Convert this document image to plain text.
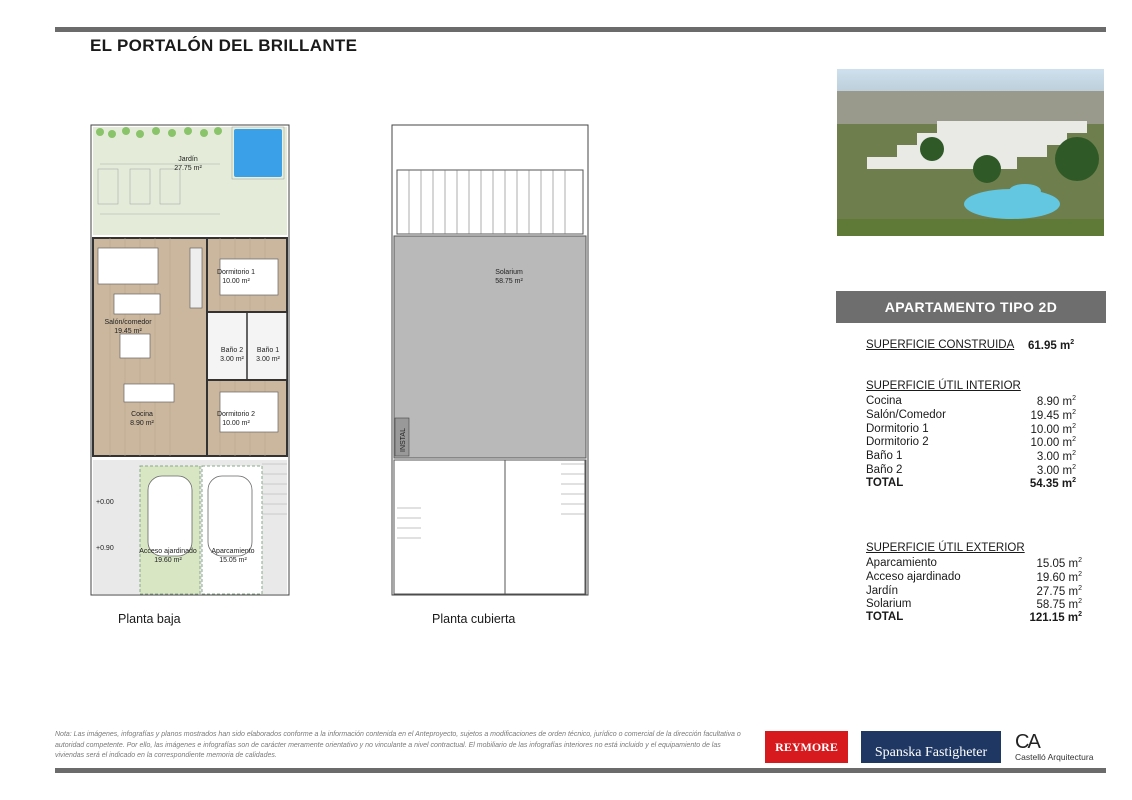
EL PORTALÓN DEL BRILLANTE
Jardín
27.75 m²
Dormitorio 1
10.00 m²
Salón/comedor
19.45 m²
Baño 2
3.00 m²
Baño 1
3.00 m²
Cocina
8.90 m²
Dormitorio 2
10.00 m²
Acceso ajardinado
19.60 m²
Aparcamiento
15.05 m²
+0.00
+0.90
Planta baja
Solarium
58.75 m²
INSTAL
Planta cubierta
APARTAMENTO TIPO 2D
SUPERFICIE CONSTRUIDA 61.95 $m^2$
SUPERFICIE ÚTIL INTERIOR
Cocina	8.90 $m^2$
Salón/Comedor	19.45 $m^2$
Dormitorio 1	10.00 $m^2$
Dormitorio 2	10.00 $m^2$
Baño 1	3.00 $m^2$
Baño 2	3.00 $m^2$
TOTAL	54.35 $m^2$
SUPERFICIE ÚTIL EXTERIOR
Aparcamiento	15.05 $m^2$
Acceso ajardinado	19.60 $m^2$
Jardín	27.75 $m^2$
Solarium	58.75 $m^2$
TOTAL	121.15 $m^2$
Nota: Las imágenes, infografías y planos mostrados han sido elaborados conforme a la información contenida en el Anteproyecto, sujetos a modificaciones de orden técnico, jurídico o comercial de la dirección facultativa o autoridad competente. Por ello, las imágenes e infografías son de carácter meramente orientativo y no vinculante a nivel contractual. El mobiliario de las infografías interiores no está incluido y el equipamiento de las viviendas será el indicado en la correspondiente memoria de calidades.
REYMORE	Spanska Fastigheter	CA
Castelló Arquitectura
